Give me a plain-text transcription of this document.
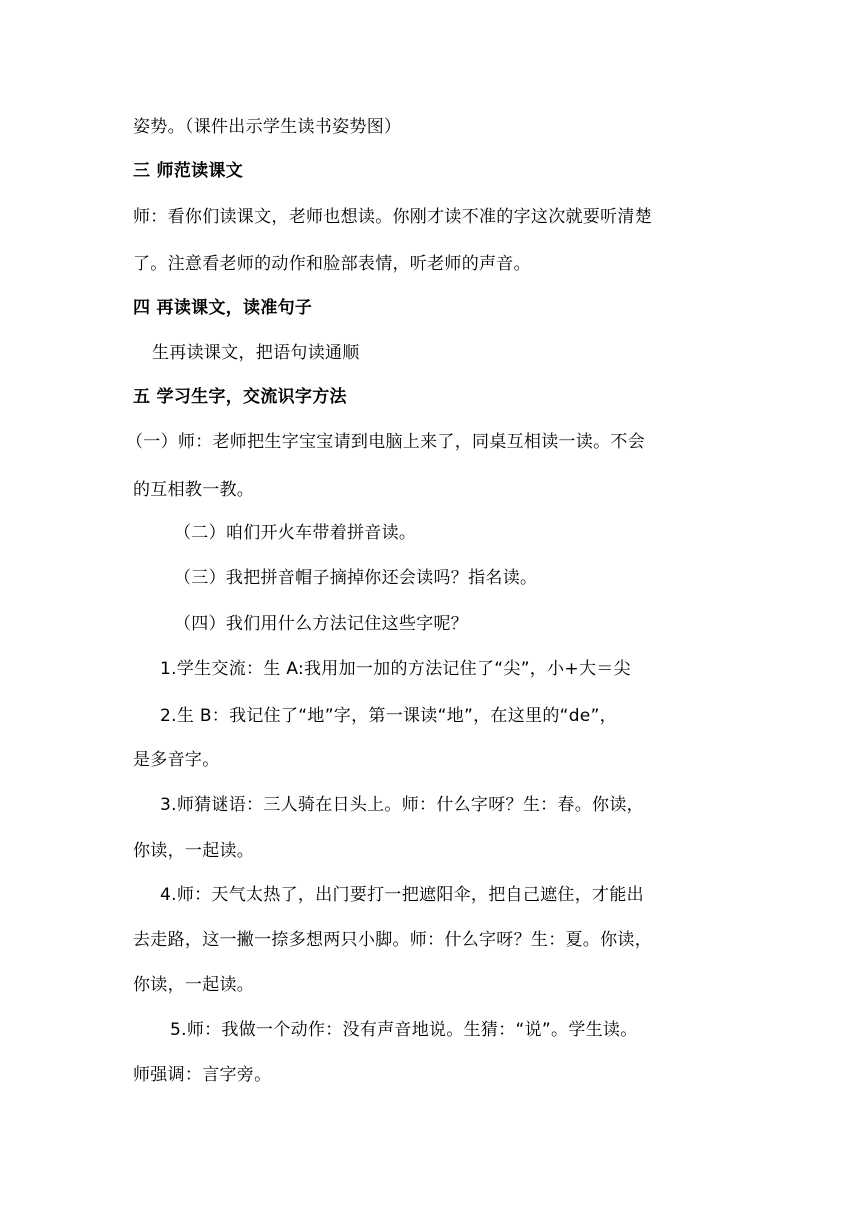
姿势。（课件出示学生读书姿势图）
三 师范读课文
师：看你们读课文，老师也想读。你刚才读不准的字这次就要听清楚
了。注意看老师的动作和脸部表情，听老师的声音。
四 再读课文，读准句子
生再读课文，把语句读通顺
五 学习生字，交流识字方法
（一）师：老师把生字宝宝请到电脑上来了，同桌互相读一读。不会
的互相教一教。
（二）咱们开火车带着拼音读。
（三）我把拼音帽子摘掉你还会读吗？指名读。
（四）我们用什么方法记住这些字呢？
1.学生交流：生 A:我用加一加的方法记住了“尖”，小+大＝尖
2.生 B：我记住了“地”字，第一课读“地”，在这里的“de”，
是多音字。
3.师猜谜语：三人骑在日头上。师：什么字呀？生：春。你读，
你读，一起读。
4.师：天气太热了，出门要打一把遮阳伞，把自己遮住，才能出
去走路，这一撇一捺多想两只小脚。师：什么字呀？生：夏。你读，
你读，一起读。
5.师：我做一个动作：没有声音地说。生猜：“说”。学生读。
师强调：言字旁。
